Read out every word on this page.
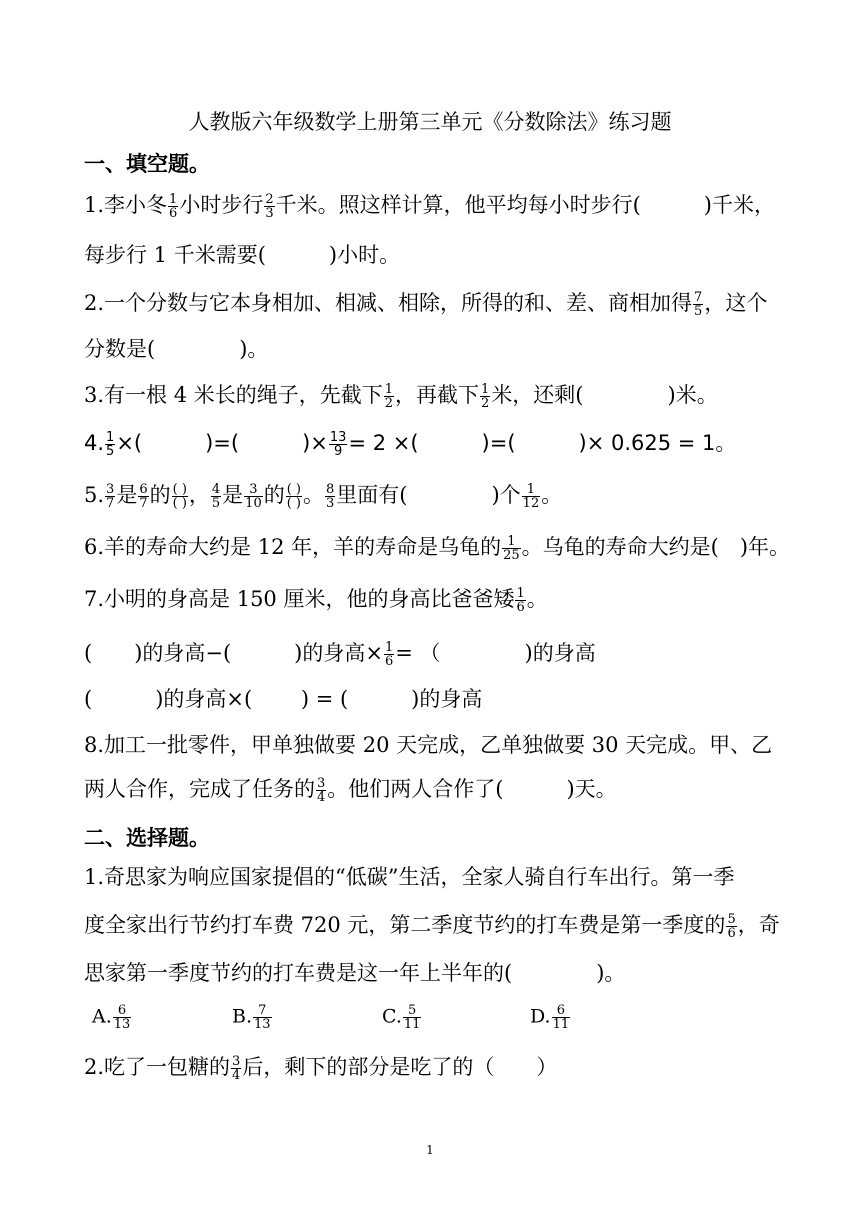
人教版六年级数学上册第三单元《分数除法》练习题
一、填空题。
1.李小冬 $\frac{1}{6}$ 小时步行 $\frac{2}{3}$ 千米。照这样计算，他平均每小时步行(　　　)千米，
每步行 1 千米需要(　　　)小时。
2.一个分数与它本身相加、相减、相除，所得的和、差、商相加得 $\frac{7}{5}$ ，这个
分数是(　　　　)。
3.有一根 4 米长的绳子，先截下 $\frac{1}{2}$ ，再截下 $\frac{1}{2}$ 米，还剩(　　　　)米。
4. $\frac{1}{5}$ ×(　　　)=(　　　)× $\frac{13}{9} = 2$ ×(　　　)=(　　　)× 0.625 = 1。
5. $\frac{3}{7}$ 是 $\frac{6}{7}$ 的 ( )
( ) ， $\frac{4}{5}$ 是 $\frac{3}{10}$ 的 ( )
( ) 。 $\frac{8}{3}$ 里面有(　　　　)个 $\frac{1}{12}$ 。
6.羊的寿命大约是 12 年，羊的寿命是乌龟的 $\frac{1}{25}$ 。乌龟的寿命大约是(　)年。
7.小明的身高是 150 厘米，他的身高比爸爸矮 $\frac{1}{6}$ 。
(　　)的身高−(　　　)的身高× $\frac{1}{6}$ = （　　　　)的身高
(　　　)的身高×(　　 ) = (　　　)的身高
8.加工一批零件，甲单独做要 20 天完成，乙单独做要 30 天完成。甲、乙
两人合作，完成了任务的 $\frac{3}{4}$ 。他们两人合作了(　　　)天。
二、选择题。
1.奇思家为响应国家提倡的“低碳”生活，全家人骑自行车出行。第一季
度全家出行节约打车费 720 元，第二季度节约的打车费是第一季度的 $\frac{5}{6}$ ，奇
思家第一季度节约的打车费是这一年上半年的(　　　　)。
A. $\frac{6}{13}$	B. $\frac{7}{13}$	C. $\frac{5}{11}$	D. $\frac{6}{11}$
2.吃了一包糖的 $\frac{3}{4}$ 后，剩下的部分是吃了的（　　）
1
